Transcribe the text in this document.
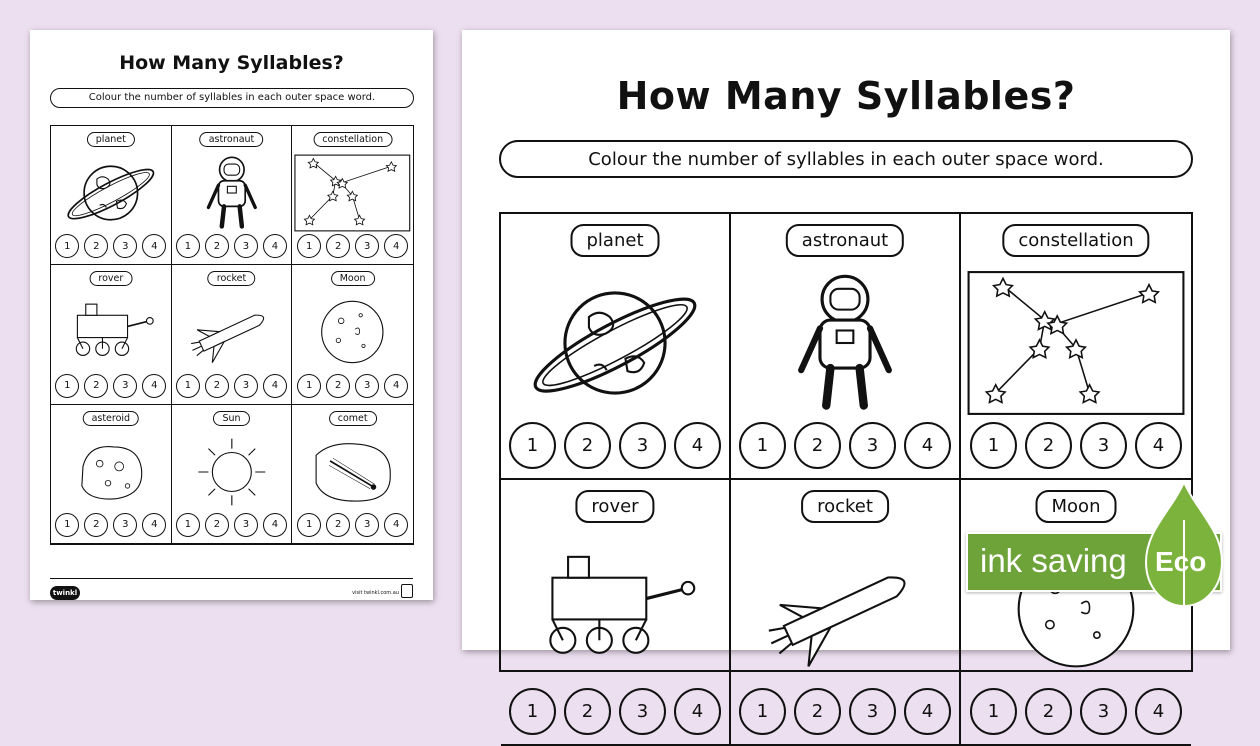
How Many Syllables?
Colour the number of syllables in each outer space word.
planet
1	2	3	4
astronaut
1	2	3	4
constellation
1	2	3	4
rover
1	2	3	4
rocket
1	2	3	4
Moon
1	2	3	4
asteroid
1	2	3	4
Sun
1	2	3	4
comet
1	2	3	4
twinkl	visit twinkl.com.au
How Many Syllables?
Colour the number of syllables in each outer space word.
planet
1	2	3	4
astronaut
1	2	3	4
constellation
1	2	3	4
rover
1	2	3	4
rocket
1	2	3	4
Moon
1	2	3	4
ink saving Eco
